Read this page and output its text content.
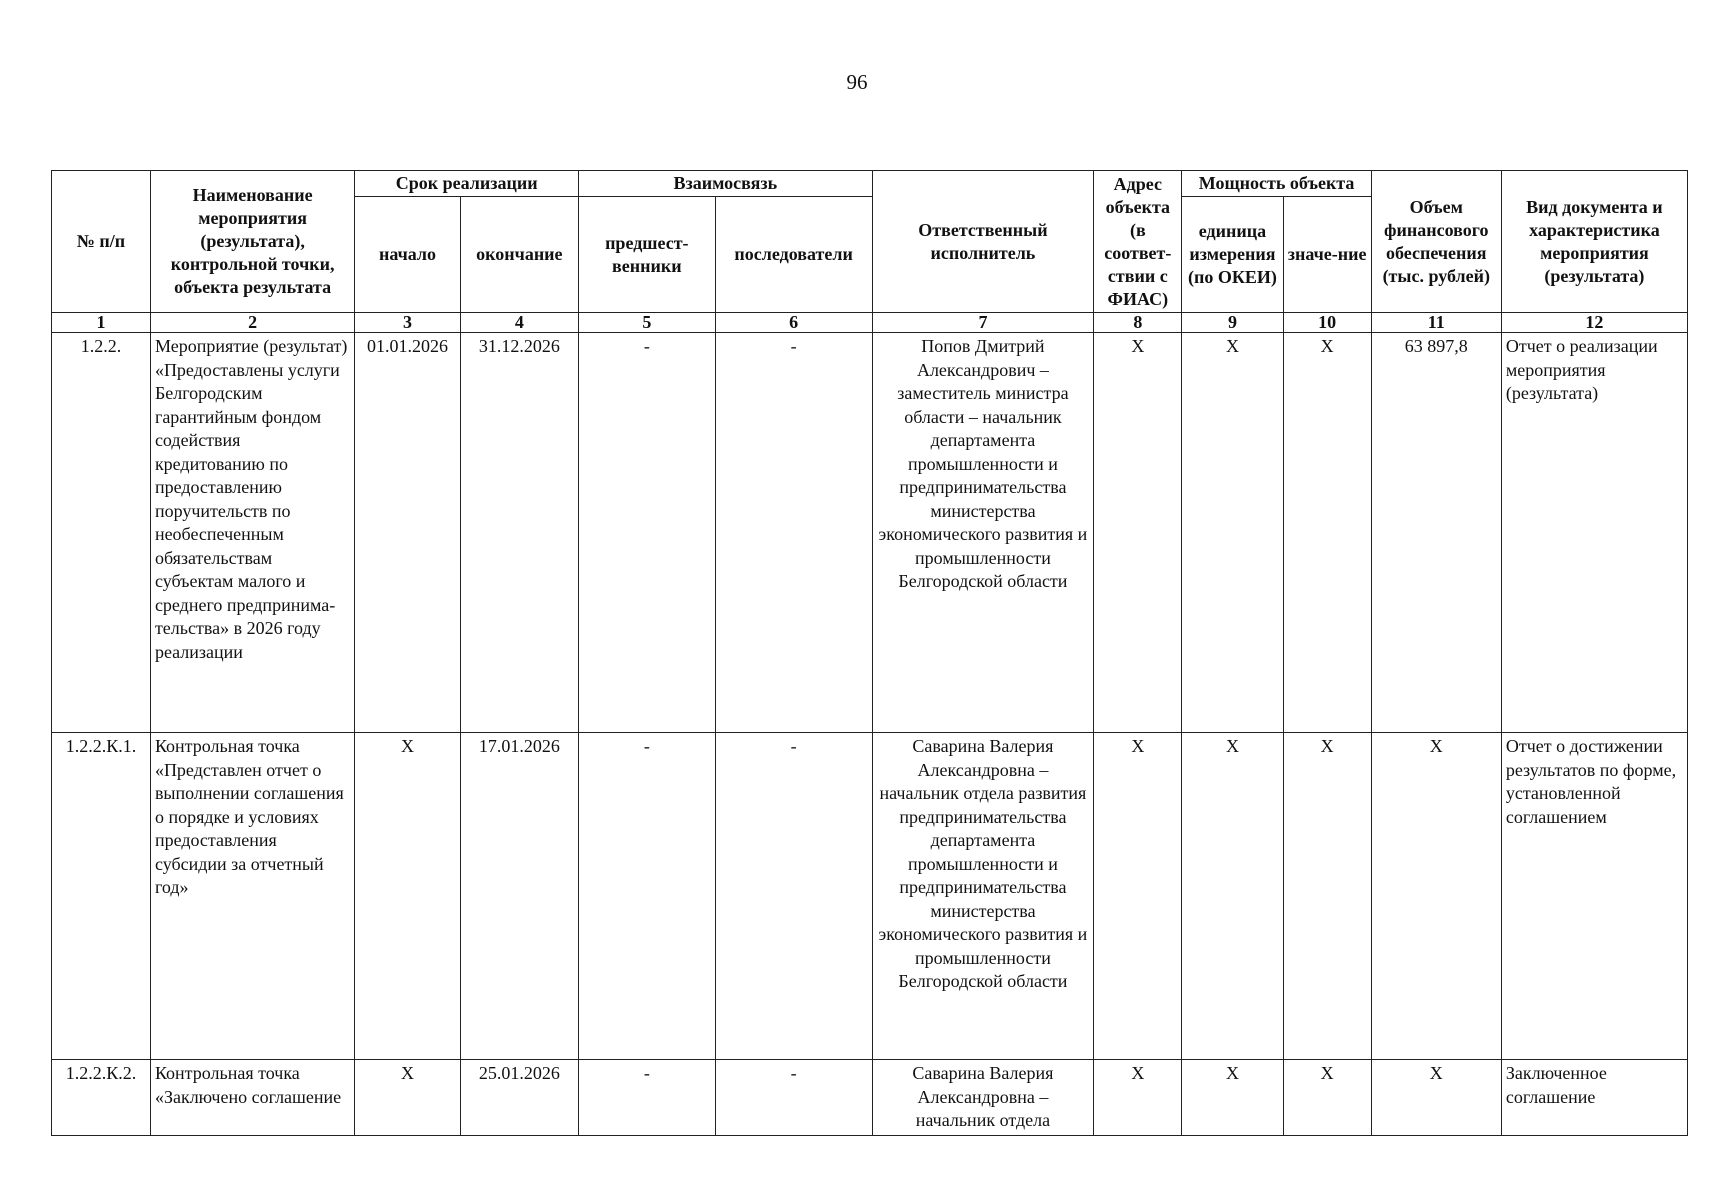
96
№ п/п	Наименование мероприятия (результата), контрольной точки, объекта результата	Срок реализации		Взаимосвязь		Ответственный исполнитель	Адрес объекта (в соответ-ствии с ФИАС)	Мощность объекта		Объем финансового обеспечения (тыс. рублей)	Вид документа и характеристика мероприятия (результата)
		начало	окончание	предшест-венники	последователи			единица измерения (по ОКЕИ)	значе-ние		
1	2	3	4	5	6	7	8	9	10	11	12
1.2.2.	Мероприятие (результат) «Предоставлены услуги Белгородским гарантийным фондом содействия кредитованию по предоставлению поручительств по необеспеченным обязательствам субъектам малого и среднего предпринима-тельства» в 2026 году реализации	01.01.2026	31.12.2026	-	-	Попов Дмитрий Александрович – заместитель министра области – начальник департамента промышленности и предпринимательства министерства экономического развития и промышленности Белгородской области	Х	Х	Х	63 897,8	Отчет о реализации мероприятия (результата)
1.2.2.К.1.	Контрольная точка «Представлен отчет о выполнении соглашения о порядке и условиях предоставления субсидии за отчетный год»	Х	17.01.2026	-	-	Саварина Валерия Александровна – начальник отдела развития предпринимательства департамента промышленности и предпринимательства министерства экономического развития и промышленности Белгородской области	Х	Х	Х	Х	Отчет о достижении результатов по форме, установленной соглашением
1.2.2.К.2.	Контрольная точка «Заключено соглашение	Х	25.01.2026	-	-	Саварина Валерия Александровна – начальник отдела	Х	Х	Х	Х	Заключенное соглашение
